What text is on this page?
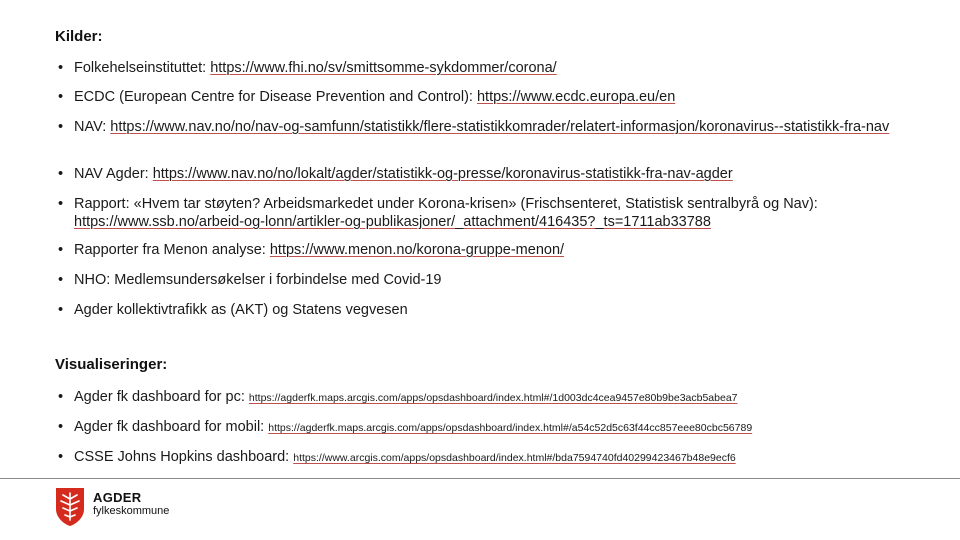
Kilder:
• Folkehelseinstituttet: https://www.fhi.no/sv/smittsomme-sykdommer/corona/
• ECDC (European Centre for Disease Prevention and Control): https://www.ecdc.europa.eu/en
• NAV: https://www.nav.no/no/nav-og-samfunn/statistikk/flere-statistikkomrader/relatert-informasjon/koronavirus--statistikk-fra-nav
• NAV Agder: https://www.nav.no/no/lokalt/agder/statistikk-og-presse/koronavirus-statistikk-fra-nav-agder
• Rapport: «Hvem tar støyten? Arbeidsmarkedet under Korona-krisen» (Frischsenteret, Statistisk sentralbyrå og Nav): https://www.ssb.no/arbeid-og-lonn/artikler-og-publikasjoner/_attachment/416435?_ts=1711ab33788
• Rapporter fra Menon analyse: https://www.menon.no/korona-gruppe-menon/
• NHO: Medlemsundersøkelser i forbindelse med Covid-19
• Agder kollektivtrafikk as (AKT) og Statens vegvesen
Visualiseringer:
• Agder fk dashboard for pc: https://agderfk.maps.arcgis.com/apps/opsdashboard/index.html#/1d003dc4cea9457e80b9be3acb5abea7
• Agder fk dashboard for mobil: https://agderfk.maps.arcgis.com/apps/opsdashboard/index.html#/a54c52d5c63f44cc857eee80cbc56789
• CSSE Johns Hopkins dashboard: https://www.arcgis.com/apps/opsdashboard/index.html#/bda7594740fd40299423467b48e9ecf6
AGDER
fylkeskommune
